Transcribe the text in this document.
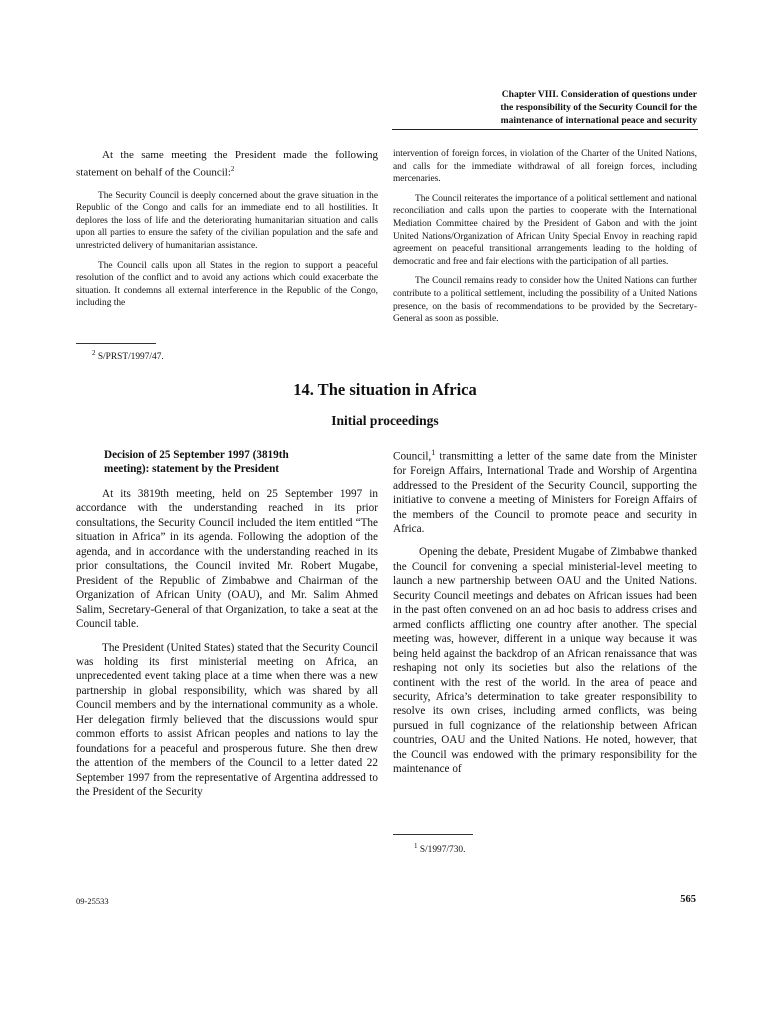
Chapter VIII. Consideration of questions under
the responsibility of the Security Council for the
maintenance of international peace and security

At the same meeting the President made the following statement on behalf of the Council:$^2$

The Security Council is deeply concerned about the grave situation in the Republic of the Congo and calls for an immediate end to all hostilities. It deplores the loss of life and the deteriorating humanitarian situation and calls upon all parties to ensure the safety of the civilian population and the safe and unrestricted delivery of humanitarian assistance.

The Council calls upon all States in the region to support a peaceful resolution of the conflict and to avoid any actions which could exacerbate the situation. It condemns all external interference in the Republic of the Congo, including the

$^2$ S/PRST/1997/47.

intervention of foreign forces, in violation of the Charter of the United Nations, and calls for the immediate withdrawal of all foreign forces, including mercenaries.

The Council reiterates the importance of a political settlement and national reconciliation and calls upon the parties to cooperate with the International Mediation Committee chaired by the President of Gabon and with the joint United Nations/Organization of African Unity Special Envoy in reaching rapid agreement on peaceful transitional arrangements leading to the holding of democratic and free and fair elections with the participation of all parties.

The Council remains ready to consider how the United Nations can further contribute to a political settlement, including the possibility of a United Nations presence, on the basis of recommendations to be provided by the Secretary-General as soon as possible.

14. The situation in Africa
Initial proceedings
Decision of 25 September 1997 (3819th
meeting): statement by the President

At its 3819th meeting, held on 25 September 1997 in accordance with the understanding reached in its prior consultations, the Security Council included the item entitled “The situation in Africa” in its agenda. Following the adoption of the agenda, and in accordance with the understanding reached in its prior consultations, the Council invited Mr. Robert Mugabe, President of the Republic of Zimbabwe and Chairman of the Organization of African Unity (OAU), and Mr. Salim Ahmed Salim, Secretary-General of that Organization, to take a seat at the Council table.

The President (United States) stated that the Security Council was holding its first ministerial meeting on Africa, an unprecedented event taking place at a time when there was a new partnership in global responsibility, which was shared by all Council members and by the international community as a whole. Her delegation firmly believed that the discussions would spur common efforts to assist African peoples and nations to lay the foundations for a peaceful and prosperous future. She then drew the attention of the members of the Council to a letter dated 22 September 1997 from the representative of Argentina addressed to the President of the Security

Council,$^1$ transmitting a letter of the same date from the Minister for Foreign Affairs, International Trade and Worship of Argentina addressed to the President of the Security Council, supporting the initiative to convene a meeting of Ministers for Foreign Affairs of the members of the Council to promote peace and security in Africa.

Opening the debate, President Mugabe of Zimbabwe thanked the Council for convening a special ministerial-level meeting to launch a new partnership between OAU and the United Nations. Security Council meetings and debates on African issues had been in the past often convened on an ad hoc basis to address crises and armed conflicts afflicting one country after another. The special meeting was, however, different in a unique way because it was being held against the backdrop of an African renaissance that was reshaping not only its societies but also the relations of the continent with the rest of the world. In the area of peace and security, Africa’s determination to take greater responsibility to resolve its own crises, including armed conflicts, was being pursued in full cognizance of the relationship between African countries, OAU and the United Nations. He noted, however, that the Council was endowed with the primary responsibility for the maintenance of

$^1$ S/1997/730.
09-25533	565
